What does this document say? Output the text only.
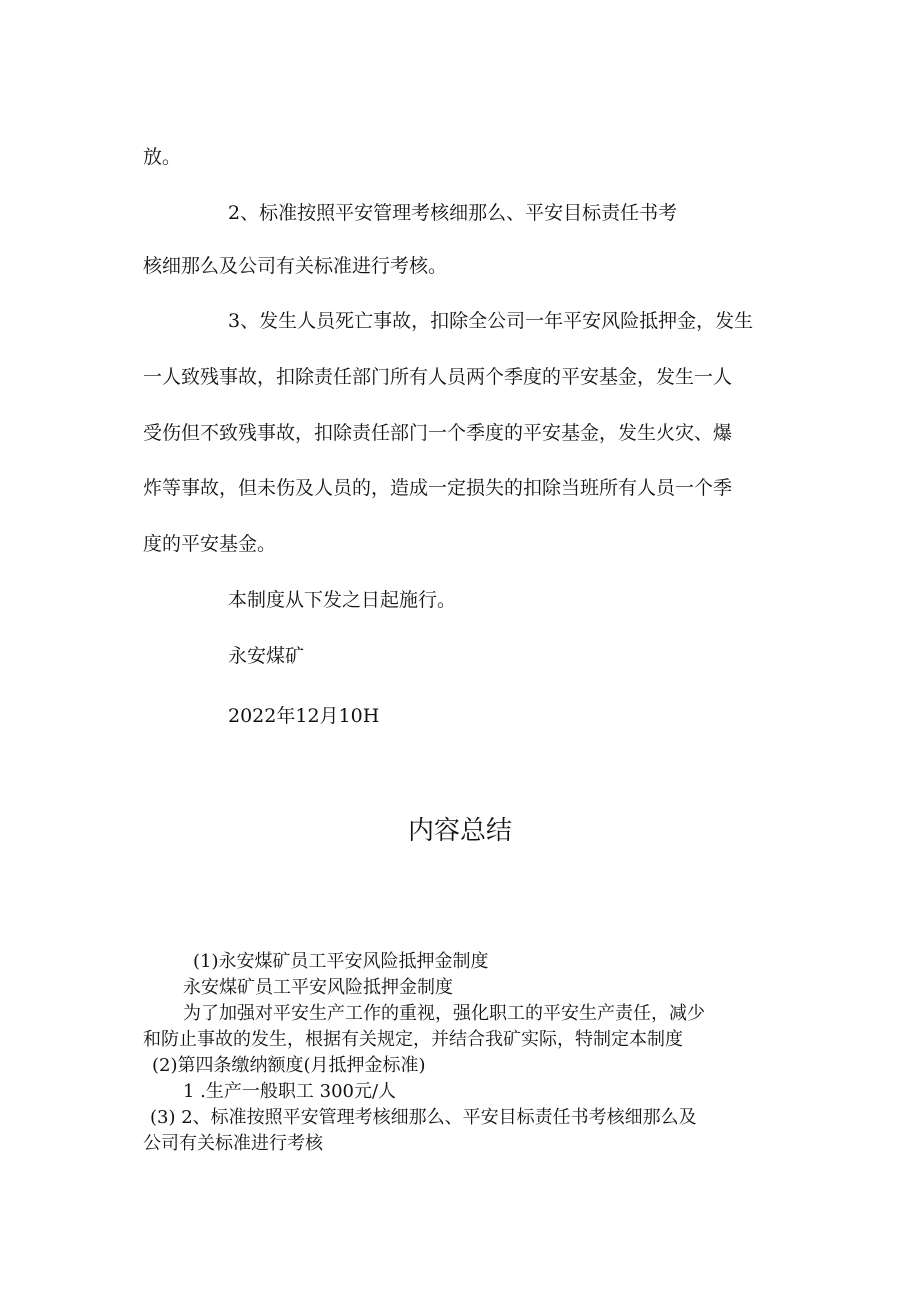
放。
2、标准按照平安管理考核细那么、平安目标责任书考
核细那么及公司有关标准进行考核。
3、发生人员死亡事故，扣除全公司一年平安风险抵押金，发生
一人致残事故，扣除责任部门所有人员两个季度的平安基金，发生一人
受伤但不致残事故，扣除责任部门一个季度的平安基金，发生火灾、爆
炸等事故，但未伤及人员的，造成一定损失的扣除当班所有人员一个季
度的平安基金。
本制度从下发之日起施行。
永安煤矿
2022年12月10H
内容总结
(1)永安煤矿员工平安风险抵押金制度
永安煤矿员工平安风险抵押金制度
为了加强对平安生产工作的重视，强化职工的平安生产责任，减少
和防止事故的发生，根据有关规定，并结合我矿实际，特制定本制度
(2)第四条缴纳额度(月抵押金标准)
1 .生产一般职工 300元/人
(3) 2、标准按照平安管理考核细那么、平安目标责任书考核细那么及
公司有关标准进行考核
